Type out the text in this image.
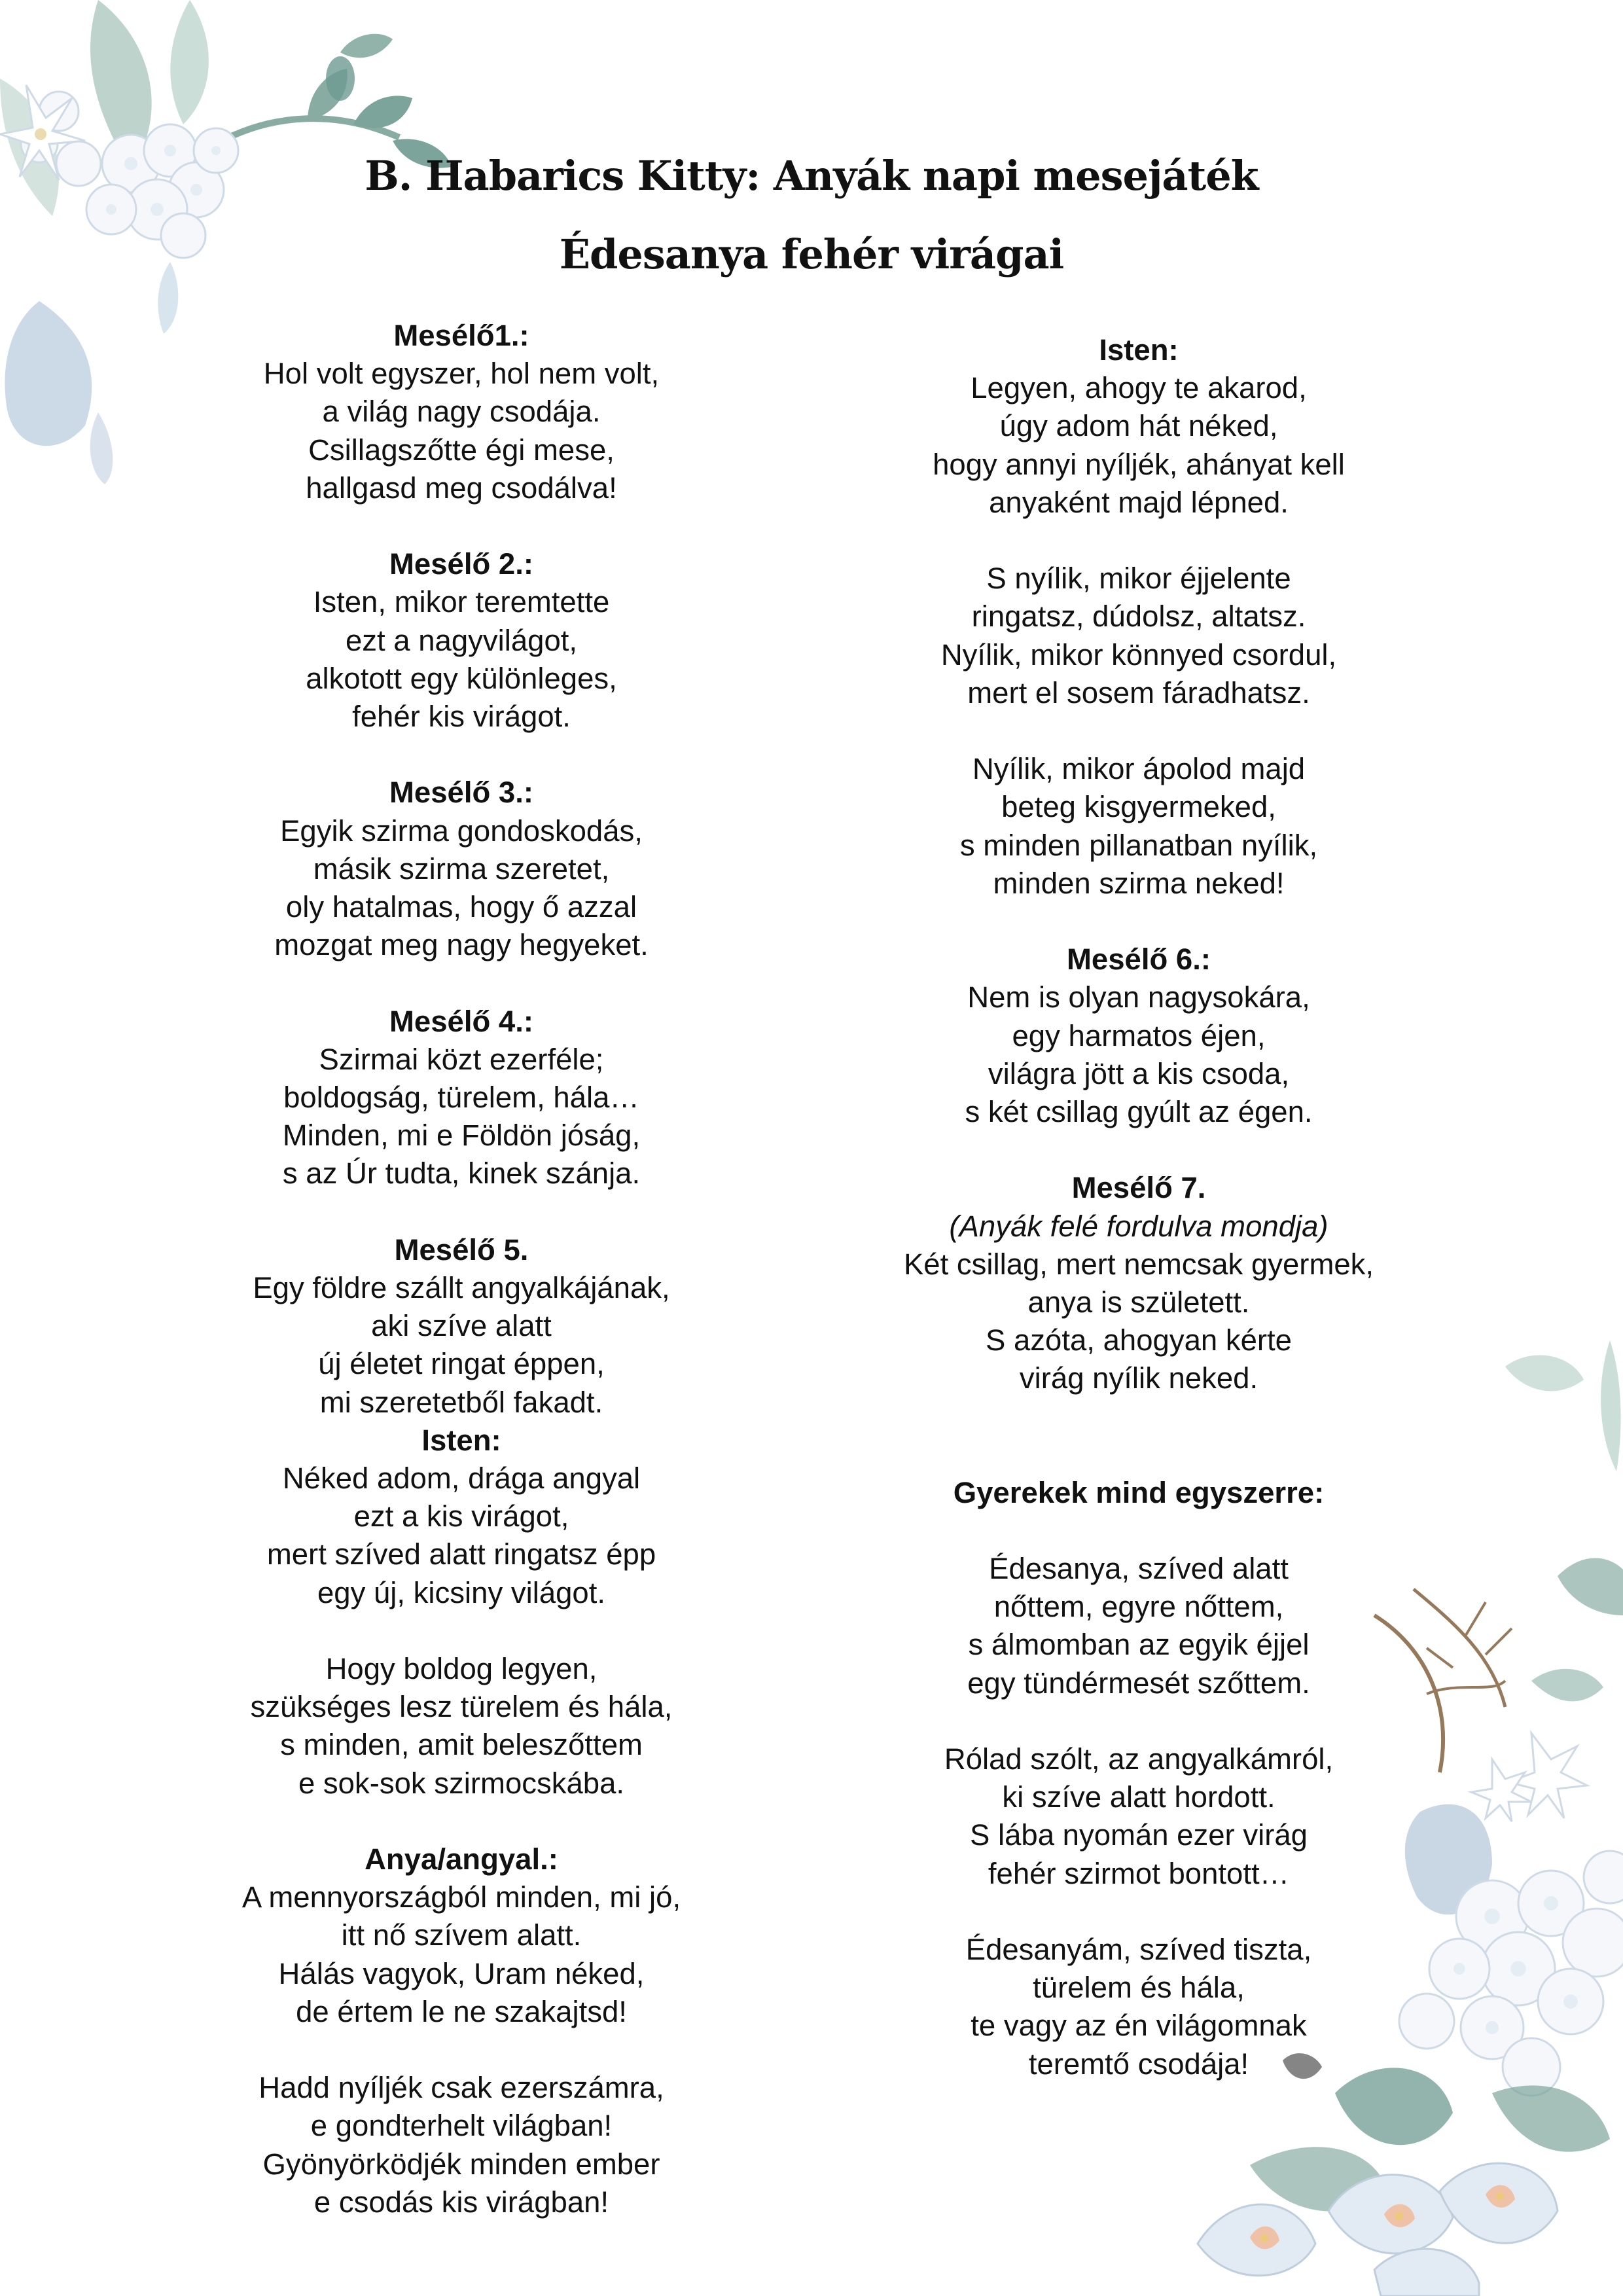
B. Habarics Kitty: Anyák napi mesejáték
Édesanya fehér virágai
Mesélő1.:
Hol volt egyszer, hol nem volt,
a világ nagy csodája.
Csillagszőtte égi mese,
hallgasd meg csodálva!
Mesélő 2.:
Isten, mikor teremtette
ezt a nagyvilágot,
alkotott egy különleges,
fehér kis virágot.
Mesélő 3.:
Egyik szirma gondoskodás,
másik szirma szeretet,
oly hatalmas, hogy ő azzal
mozgat meg nagy hegyeket.
Mesélő 4.:
Szirmai közt ezerféle;
boldogság, türelem, hála…
Minden, mi e Földön jóság,
s az Úr tudta, kinek szánja.
Mesélő 5.
Egy földre szállt angyalkájának,
aki szíve alatt
új életet ringat éppen,
mi szeretetből fakadt.
Isten:
Néked adom, drága angyal
ezt a kis virágot,
mert szíved alatt ringatsz épp
egy új, kicsiny világot.
Hogy boldog legyen,
szükséges lesz türelem és hála,
s minden, amit beleszőttem
e sok-sok szirmocskába.
Anya/angyal.:
A mennyországból minden, mi jó,
itt nő szívem alatt.
Hálás vagyok, Uram néked,
de értem le ne szakajtsd!
Hadd nyíljék csak ezerszámra,
e gondterhelt világban!
Gyönyörködjék minden ember
e csodás kis virágban!
Isten:
Legyen, ahogy te akarod,
úgy adom hát néked,
hogy annyi nyíljék, ahányat kell
anyaként majd lépned.
S nyílik, mikor éjjelente
ringatsz, dúdolsz, altatsz.
Nyílik, mikor könnyed csordul,
mert el sosem fáradhatsz.
Nyílik, mikor ápolod majd
beteg kisgyermeked,
s minden pillanatban nyílik,
minden szirma neked!
Mesélő 6.:
Nem is olyan nagysokára,
egy harmatos éjen,
világra jött a kis csoda,
s két csillag gyúlt az égen.
Mesélő 7.
(Anyák felé fordulva mondja)
Két csillag, mert nemcsak gyermek,
anya is született.
S azóta, ahogyan kérte
virág nyílik neked.
Gyerekek mind egyszerre:
Édesanya, szíved alatt
nőttem, egyre nőttem,
s álmomban az egyik éjjel
egy tündérmesét szőttem.
Rólad szólt, az angyalkámról,
ki szíve alatt hordott.
S lába nyomán ezer virág
fehér szirmot bontott…
Édesanyám, szíved tiszta,
türelem és hála,
te vagy az én világomnak
teremtő csodája!
